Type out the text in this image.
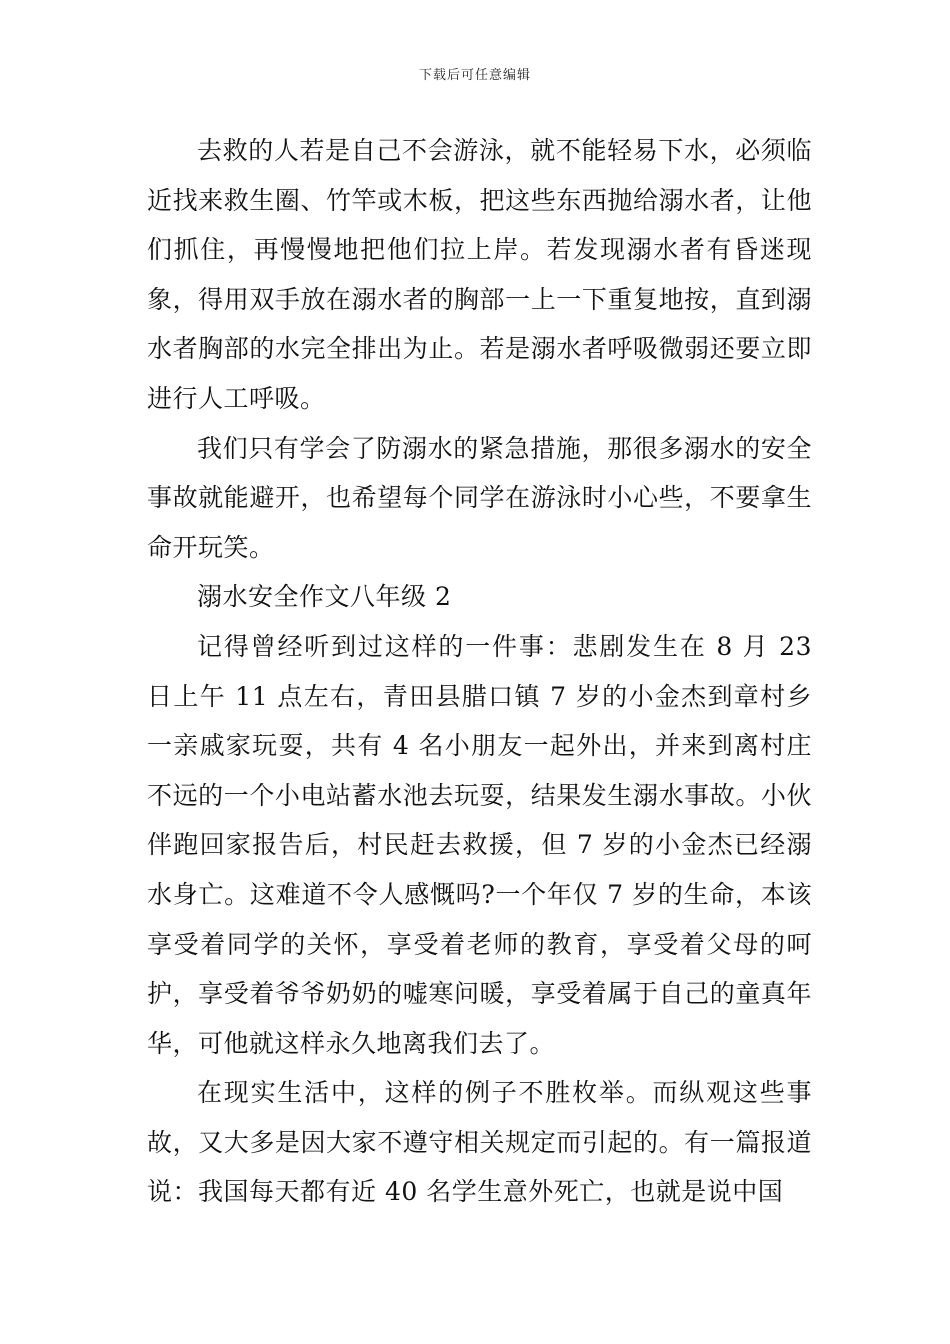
下载后可任意编辑

去救的人若是自己不会游泳，就不能轻易下水，必须临近找来救生圈、竹竿或木板，把这些东西抛给溺水者，让他们抓住，再慢慢地把他们拉上岸。若发现溺水者有昏迷现象，得用双手放在溺水者的胸部一上一下重复地按，直到溺水者胸部的水完全排出为止。若是溺水者呼吸微弱还要立即进行人工呼吸。

我们只有学会了防溺水的紧急措施，那很多溺水的安全事故就能避开，也希望每个同学在游泳时小心些，不要拿生命开玩笑。

溺水安全作文八年级 2

记得曾经听到过这样的一件事：悲剧发生在 8 月 23 日上午 11 点左右，青田县腊口镇 7 岁的小金杰到章村乡一亲戚家玩耍，共有 4 名小朋友一起外出，并来到离村庄不远的一个小电站蓄水池去玩耍，结果发生溺水事故。小伙伴跑回家报告后，村民赶去救援，但 7 岁的小金杰已经溺水身亡。这难道不令人感慨吗?一个年仅 7 岁的生命，本该享受着同学的关怀，享受着老师的教育，享受着父母的呵护，享受着爷爷奶奶的嘘寒问暖，享受着属于自己的童真年华，可他就这样永久地离我们去了。

在现实生活中，这样的例子不胜枚举。而纵观这些事故，又大多是因大家不遵守相关规定而引起的。有一篇报道说：我国每天都有近 40 名学生意外死亡，也就是说中国
